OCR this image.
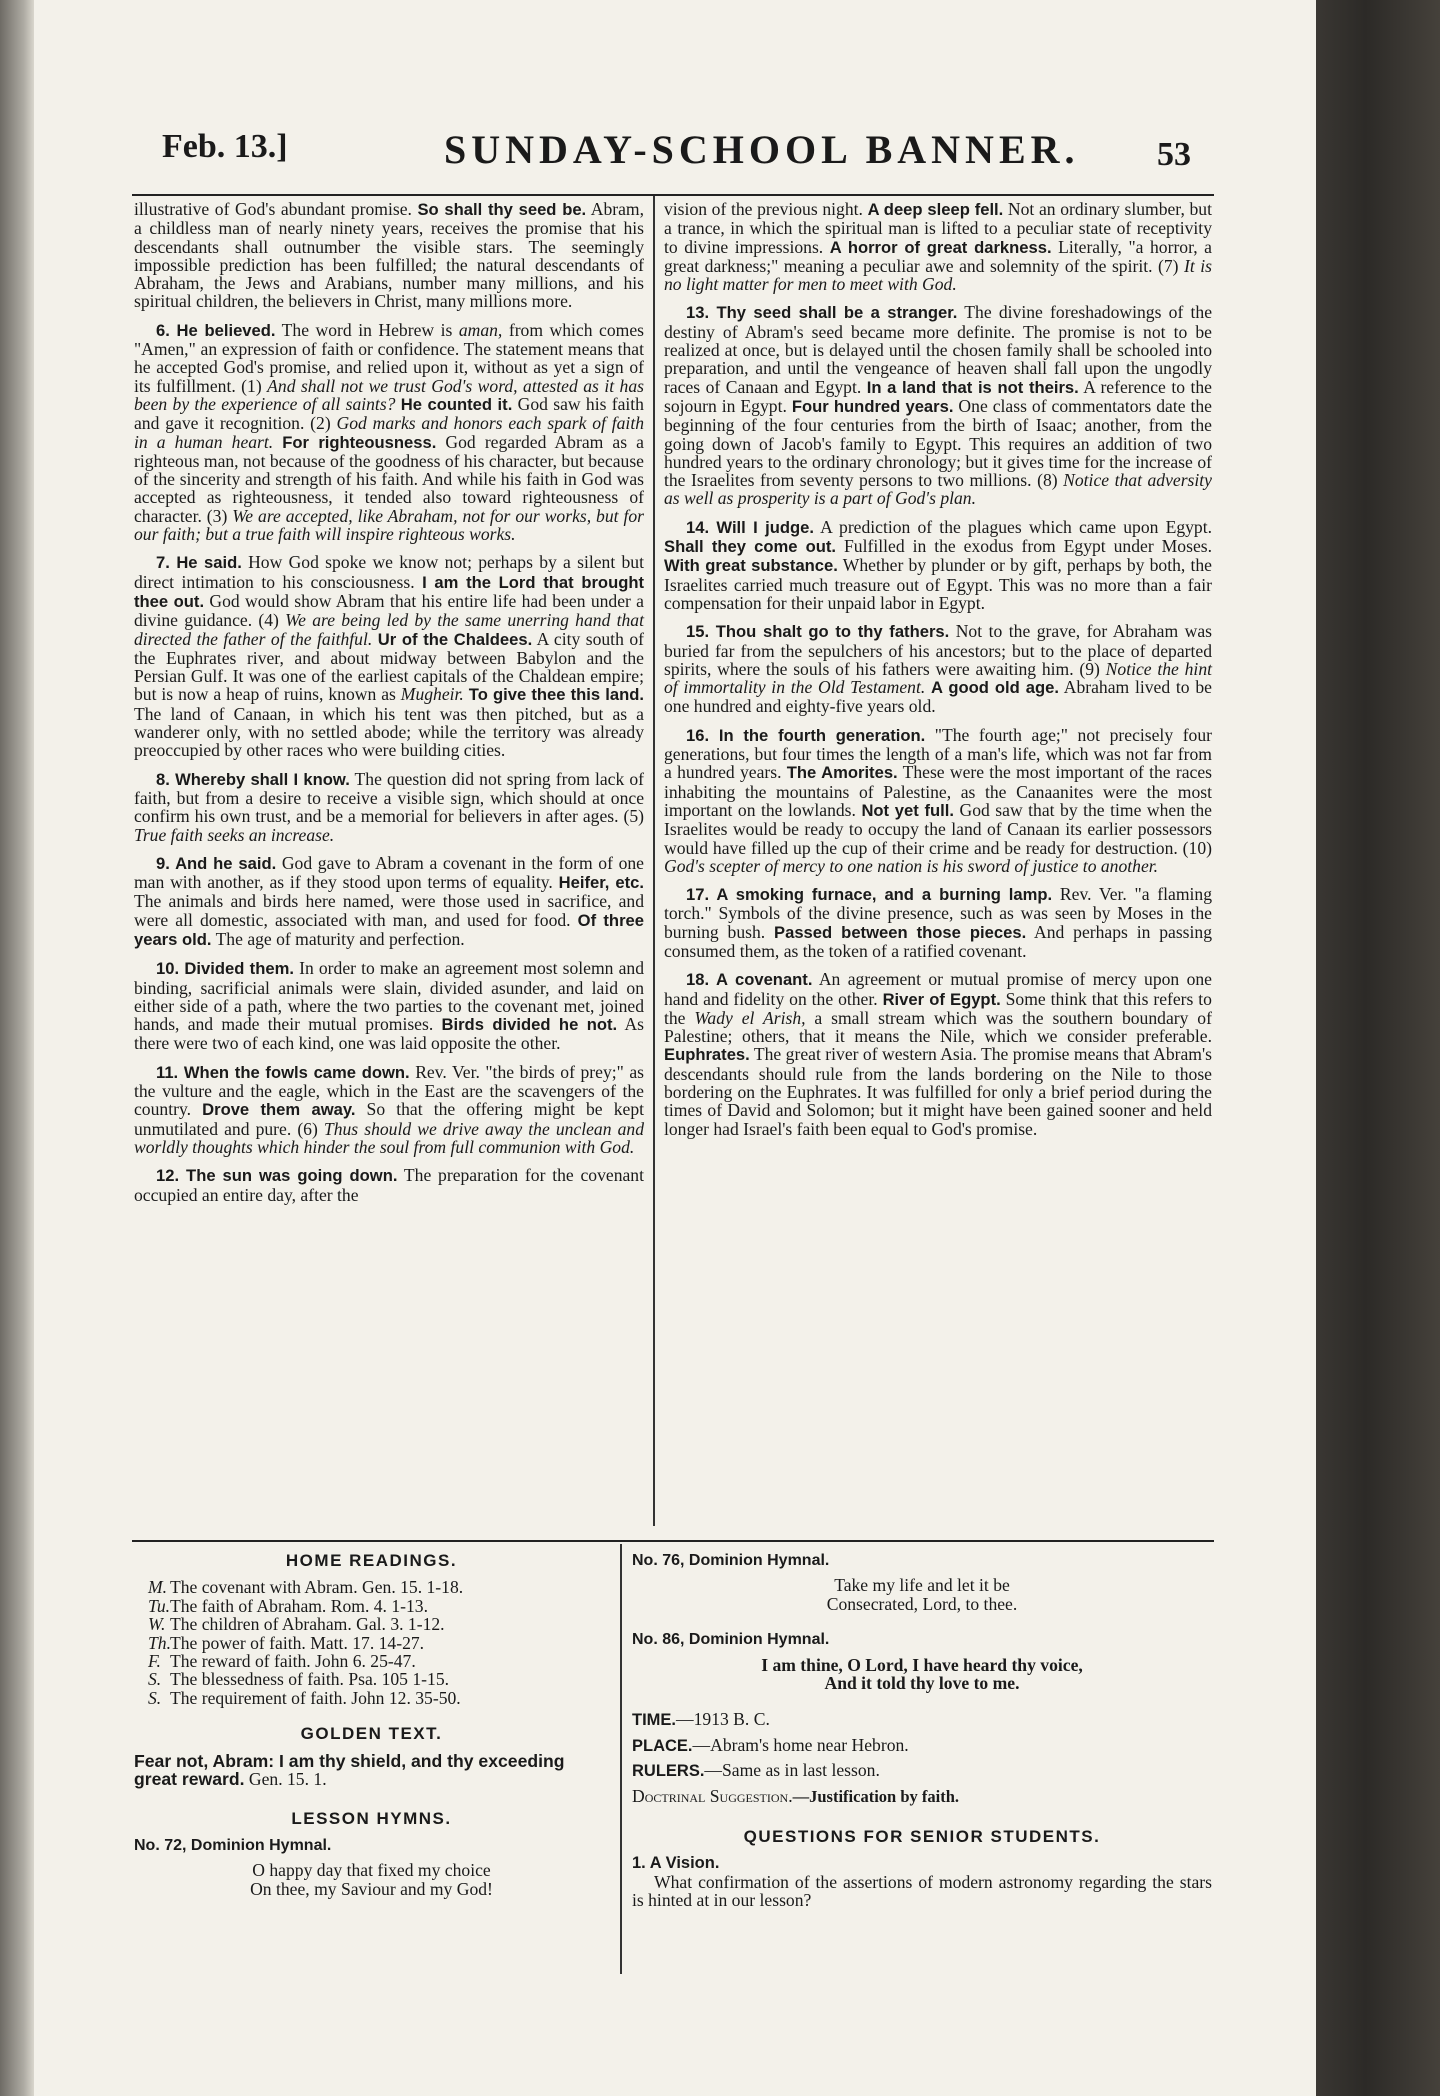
Feb. 13.]	SUNDAY-SCHOOL BANNER. 53

illustrative of God's abundant promise. So shall thy seed be. Abram, a childless man of nearly ninety years, receives the promise that his descendants shall outnumber the visible stars. The seemingly impossible prediction has been fulfilled; the natural descendants of Abraham, the Jews and Arabians, number many millions, and his spiritual children, the believers in Christ, many millions more.

6. He believed. The word in Hebrew is aman, from which comes "Amen," an expression of faith or confidence. The statement means that he accepted God's promise, and relied upon it, without as yet a sign of its fulfillment. (1) And shall not we trust God's word, attested as it has been by the experience of all saints? He counted it. God saw his faith and gave it recognition. (2) God marks and honors each spark of faith in a human heart. For righteousness. God regarded Abram as a righteous man, not because of the goodness of his character, but because of the sincerity and strength of his faith. And while his faith in God was accepted as righteousness, it tended also toward righteousness of character. (3) We are accepted, like Abraham, not for our works, but for our faith; but a true faith will inspire righteous works.

7. He said. How God spoke we know not; perhaps by a silent but direct intimation to his consciousness. I am the Lord that brought thee out. God would show Abram that his entire life had been under a divine guidance. (4) We are being led by the same unerring hand that directed the father of the faithful. Ur of the Chaldees. A city south of the Euphrates river, and about midway between Babylon and the Persian Gulf. It was one of the earliest capitals of the Chaldean empire; but is now a heap of ruins, known as Mugheir. To give thee this land. The land of Canaan, in which his tent was then pitched, but as a wanderer only, with no settled abode; while the territory was already preoccupied by other races who were building cities.

8. Whereby shall I know. The question did not spring from lack of faith, but from a desire to receive a visible sign, which should at once confirm his own trust, and be a memorial for believers in after ages. (5) True faith seeks an increase.

9. And he said. God gave to Abram a covenant in the form of one man with another, as if they stood upon terms of equality. Heifer, etc. The animals and birds here named, were those used in sacrifice, and were all domestic, associated with man, and used for food. Of three years old. The age of maturity and perfection.

10. Divided them. In order to make an agreement most solemn and binding, sacrificial animals were slain, divided asunder, and laid on either side of a path, where the two parties to the covenant met, joined hands, and made their mutual promises. Birds divided he not. As there were two of each kind, one was laid opposite the other.

11. When the fowls came down. Rev. Ver. "the birds of prey;" as the vulture and the eagle, which in the East are the scavengers of the country. Drove them away. So that the offering might be kept unmutilated and pure. (6) Thus should we drive away the unclean and worldly thoughts which hinder the soul from full communion with God.

12. The sun was going down. The preparation for the covenant occupied an entire day, after the

vision of the previous night. A deep sleep fell. Not an ordinary slumber, but a trance, in which the spiritual man is lifted to a peculiar state of receptivity to divine impressions. A horror of great darkness. Literally, "a horror, a great darkness;" meaning a peculiar awe and solemnity of the spirit. (7) It is no light matter for men to meet with God.

13. Thy seed shall be a stranger. The divine foreshadowings of the destiny of Abram's seed became more definite. The promise is not to be realized at once, but is delayed until the chosen family shall be schooled into preparation, and until the vengeance of heaven shall fall upon the ungodly races of Canaan and Egypt. In a land that is not theirs. A reference to the sojourn in Egypt. Four hundred years. One class of commentators date the beginning of the four centuries from the birth of Isaac; another, from the going down of Jacob's family to Egypt. This requires an addition of two hundred years to the ordinary chronology; but it gives time for the increase of the Israelites from seventy persons to two millions. (8) Notice that adversity as well as prosperity is a part of God's plan.

14. Will I judge. A prediction of the plagues which came upon Egypt. Shall they come out. Fulfilled in the exodus from Egypt under Moses. With great substance. Whether by plunder or by gift, perhaps by both, the Israelites carried much treasure out of Egypt. This was no more than a fair compensation for their unpaid labor in Egypt.

15. Thou shalt go to thy fathers. Not to the grave, for Abraham was buried far from the sepulchers of his ancestors; but to the place of departed spirits, where the souls of his fathers were awaiting him. (9) Notice the hint of immortality in the Old Testament. A good old age. Abraham lived to be one hundred and eighty-five years old.

16. In the fourth generation. "The fourth age;" not precisely four generations, but four times the length of a man's life, which was not far from a hundred years. The Amorites. These were the most important of the races inhabiting the mountains of Palestine, as the Canaanites were the most important on the lowlands. Not yet full. God saw that by the time when the Israelites would be ready to occupy the land of Canaan its earlier possessors would have filled up the cup of their crime and be ready for destruction. (10) God's scepter of mercy to one nation is his sword of justice to another.

17. A smoking furnace, and a burning lamp. Rev. Ver. "a flaming torch." Symbols of the divine presence, such as was seen by Moses in the burning bush. Passed between those pieces. And perhaps in passing consumed them, as the token of a ratified covenant.

18. A covenant. An agreement or mutual promise of mercy upon one hand and fidelity on the other. River of Egypt. Some think that this refers to the Wady el Arish, a small stream which was the southern boundary of Palestine; others, that it means the Nile, which we consider preferable. Euphrates. The great river of western Asia. The promise means that Abram's descendants should rule from the lands bordering on the Nile to those bordering on the Euphrates. It was fulfilled for only a brief period during the times of David and Solomon; but it might have been gained sooner and held longer had Israel's faith been equal to God's promise.

HOME READINGS.
M. The covenant with Abram. Gen. 15. 1-18.
Tu.The faith of Abraham. Rom. 4. 1-13.
W. The children of Abraham. Gal. 3. 1-12.
Th.The power of faith. Matt. 17. 14-27.
F. The reward of faith. John 6. 25-47.
S. The blessedness of faith. Psa. 105 1-15.
S. The requirement of faith. John 12. 35-50.
GOLDEN TEXT.
Fear not, Abram: I am thy shield, and thy exceeding great reward. Gen. 15. 1.
LESSON HYMNS.
No. 72, Dominion Hymnal.
O happy day that fixed my choice
On thee, my Saviour and my God!
No. 76, Dominion Hymnal.
Take my life and let it be
Consecrated, Lord, to thee.
No. 86, Dominion Hymnal.
I am thine, O Lord, I have heard thy voice,
And it told thy love to me.
TIME.—1913 B. C.
PLACE.—Abram's home near Hebron.
RULERS.—Same as in last lesson.
Doctrinal Suggestion.—Justification by faith.
QUESTIONS FOR SENIOR STUDENTS.
1. A Vision.
What confirmation of the assertions of modern astronomy regarding the stars is hinted at in our lesson?
